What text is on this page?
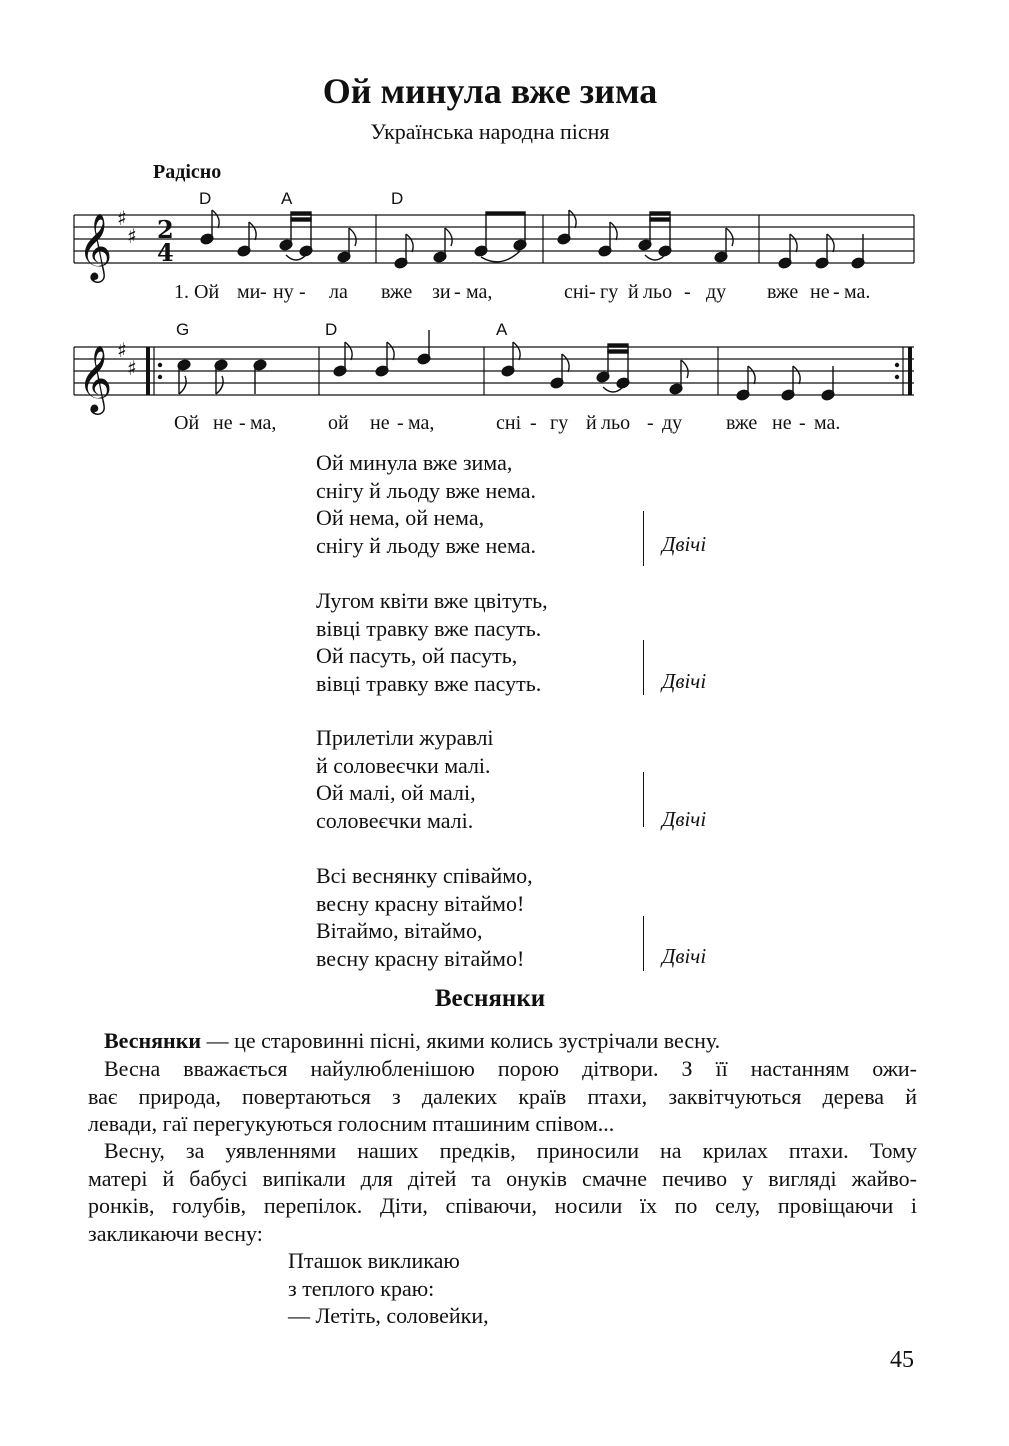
Ой минула вже зима
Українська народна пісня
Радісно
D	A	D
G	D	A
𝄞
𝄞
♯
♯
♯
♯
2
4
1. Ой ми - ну - ла вже зи - ма,	сні - гу й льо - ду вже не - ма.
Ой не - ма,	ой не - ма,	сні - гу й льо - ду вже не - ма.
Ой минула вже зима,
снігу й льоду вже нема.
Ой нема, ой нема,
снігу й льоду вже нема.	Двічі
Лугом квіти вже цвітуть,
вівці травку вже пасуть.
Ой пасуть, ой пасуть,
вівці травку вже пасуть.	Двічі
Прилетіли журавлі
й соловеєчки малі.
Ой малі, ой малі,
соловеєчки малі.	Двічі
Всі веснянку співаймо,
весну красну вітаймо!
Вітаймо, вітаймо,
весну красну вітаймо!	Двічі
Веснянки
Веснянки — це старовинні пісні, якими колись зустрічали весну.
Весна вважається найулюбленішою порою дітвори. З її настанням ожи-
ває природа, повертаються з далеких країв птахи, заквітчуються дерева й
левади, гаї перегукуються голосним пташиним співом...
Весну, за уявленнями наших предків, приносили на крилах птахи. Тому
матері й бабусі випікали для дітей та онуків смачне печиво у вигляді жайво-
ронків, голубів, перепілок. Діти, співаючи, носили їх по селу, провіщаючи і
закликаючи весну:
Пташок викликаю
з теплого краю:
— Летіть, соловейки,
45
